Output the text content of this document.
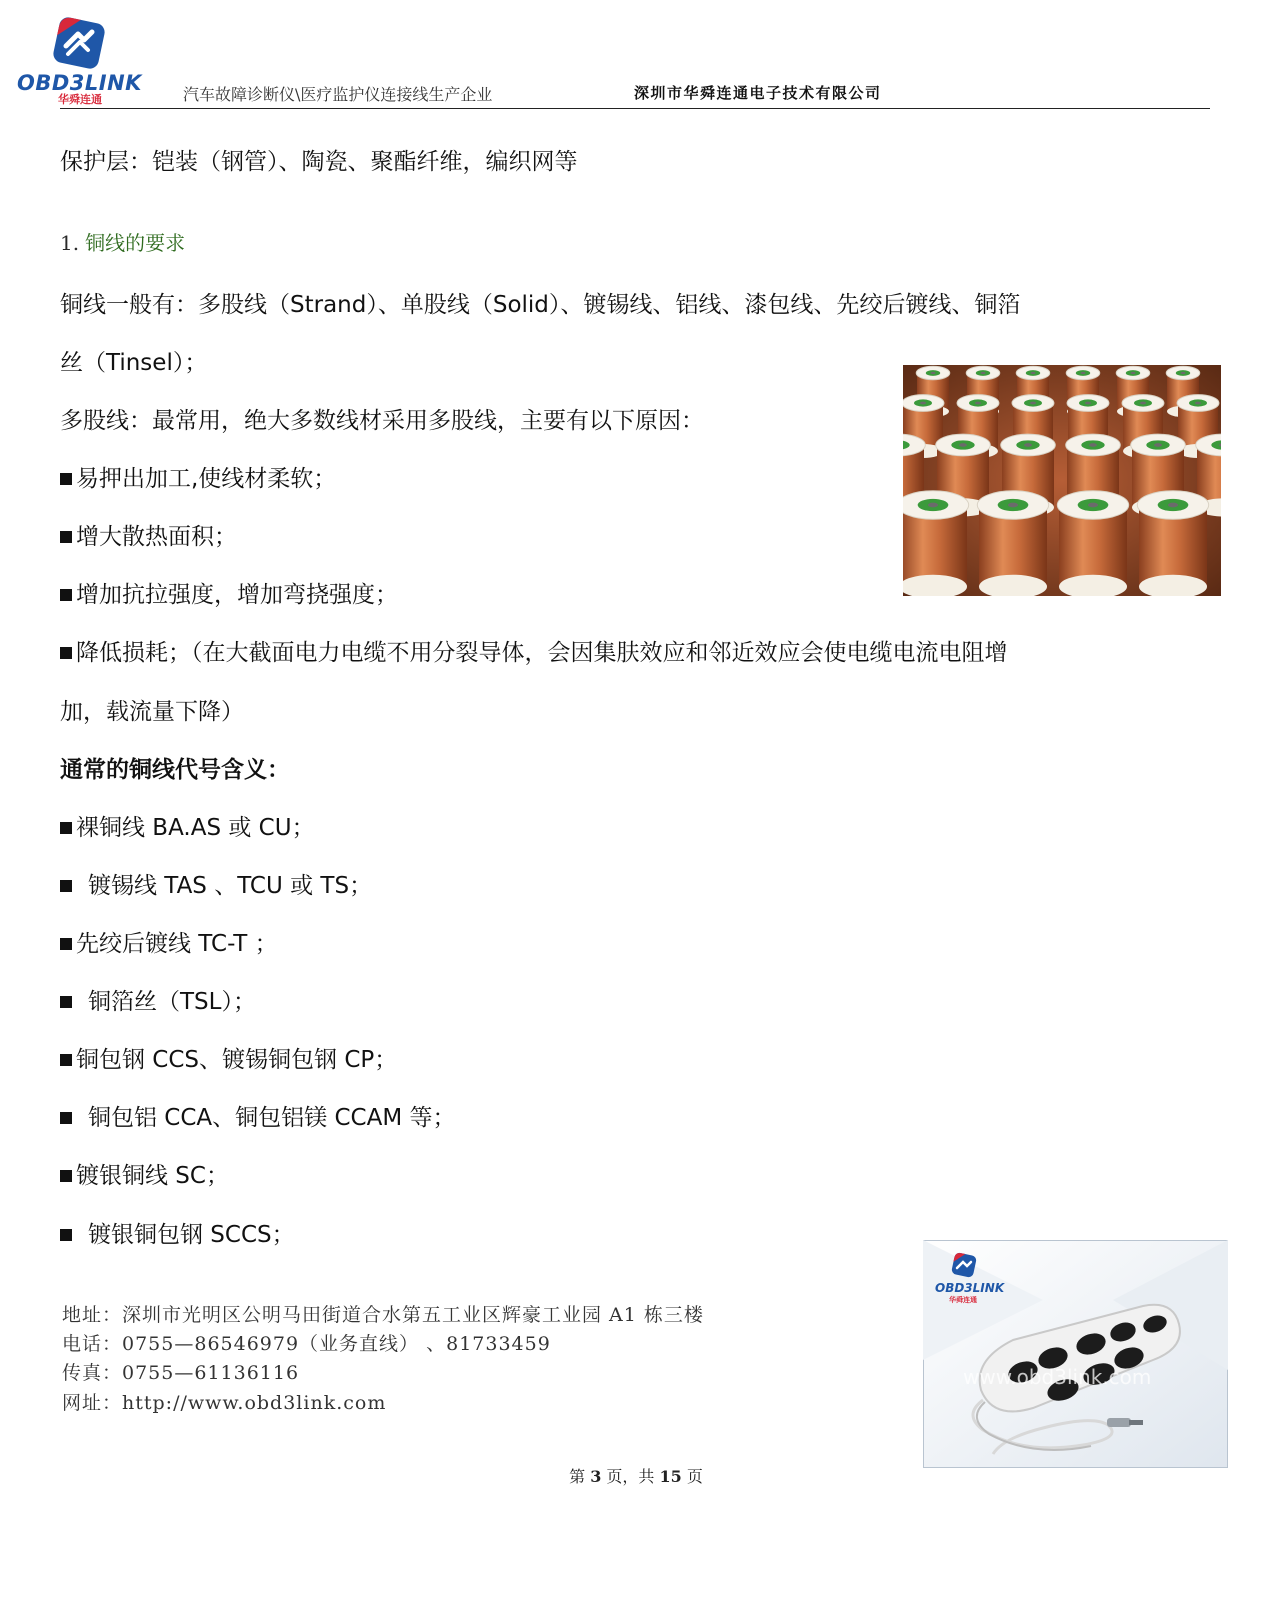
OBD3LINK
华舜连通	汽车故障诊断仪\医疗监护仪连接线生产企业	深圳市华舜连通电子技术有限公司
保护层：铠装（钢管）、陶瓷、聚酯纤维，编织网等
1. 铜线的要求
铜线一般有：多股线（Strand）、单股线（Solid）、镀锡线、铝线、漆包线、先绞后镀线、铜箔
丝（Tinsel）；
多股线：最常用，绝大多数线材采用多股线，主要有以下原因：
易押出加工,使线材柔软；
增大散热面积；
增加抗拉强度，增加弯挠强度；
降低损耗；（在大截面电力电缆不用分裂导体，会因集肤效应和邻近效应会使电缆电流电阻增
加，载流量下降）
通常的铜线代号含义：
裸铜线 BA.AS 或 CU；
镀锡线 TAS 、TCU 或 TS；
先绞后镀线 TC-T ；
铜箔丝（TSL）；
铜包钢 CCS、镀锡铜包钢 CP；
铜包铝 CCA、铜包铝镁 CCAM 等；
镀银铜线 SC；
镀银铜包钢 SCCS；
OBD3LINK
华舜连通
www.obd3link.com
地址：深圳市光明区公明马田街道合水第五工业区辉豪工业园 A1 栋三楼
电话：0755—86546979（业务直线） 、81733459
传真：0755—61136116
网址：http://www.obd3link.com
第 3 页，共 15 页
